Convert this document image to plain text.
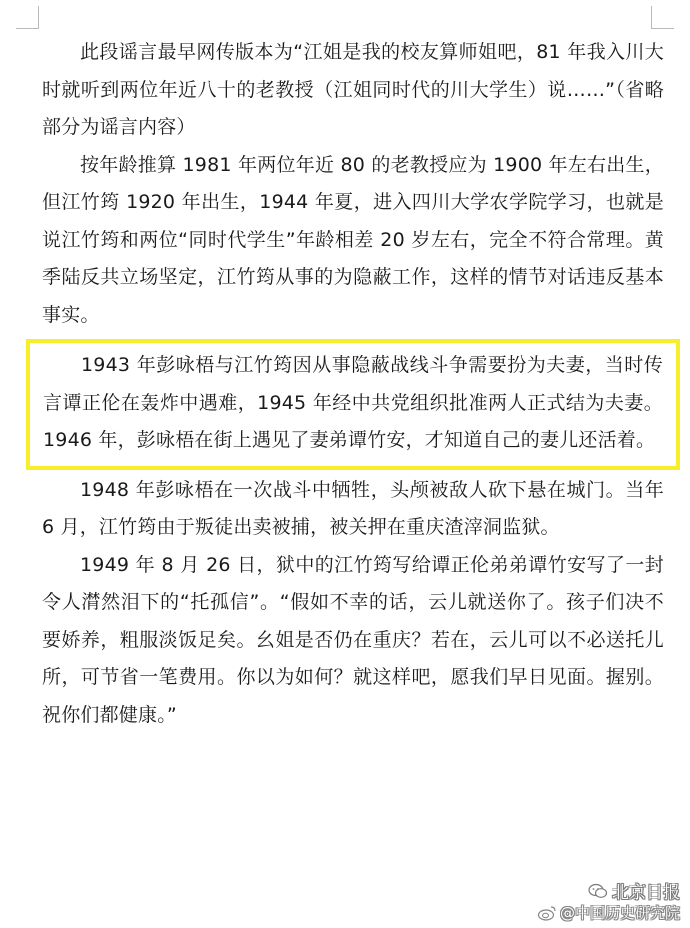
此段谣言最早网传版本为“江姐是我的校友算师姐吧，81 年我入川大时就听到两位年近八十的老教授（江姐同时代的川大学生）说……”（省略部分为谣言内容）

按年龄推算 1981 年两位年近 80 的老教授应为 1900 年左右出生，但江竹筠 1920 年出生，1944 年夏，进入四川大学农学院学习，也就是说江竹筠和两位“同时代学生”年龄相差 20 岁左右，完全不符合常理。黄季陆反共立场坚定，江竹筠从事的为隐蔽工作，这样的情节对话违反基本事实。

1943 年彭咏梧与江竹筠因从事隐蔽战线斗争需要扮为夫妻，当时传言谭正伦在轰炸中遇难，1945 年经中共党组织批准两人正式结为夫妻。1946 年，彭咏梧在街上遇见了妻弟谭竹安，才知道自己的妻儿还活着。

1948 年彭咏梧在一次战斗中牺牲，头颅被敌人砍下悬在城门。当年 6 月，江竹筠由于叛徒出卖被捕，被关押在重庆渣滓洞监狱。

1949 年 8 月 26 日，狱中的江竹筠写给谭正伦弟弟谭竹安写了一封令人潸然泪下的“托孤信”。“假如不幸的话，云儿就送你了。孩子们决不要娇养，粗服淡饭足矣。幺姐是否仍在重庆？若在，云儿可以不必送托儿所，可节省一笔费用。你以为如何？就这样吧，愿我们早日见面。握别。祝你们都健康。”

北京日报
@中国历史研究院
